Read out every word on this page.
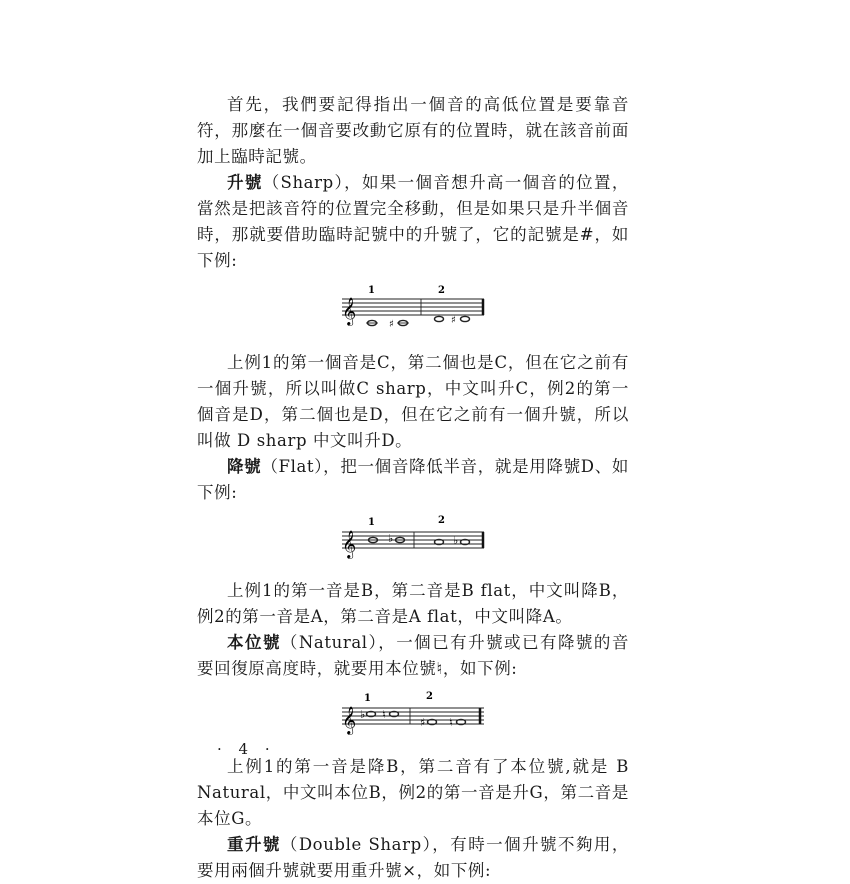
首先，我們要記得指出一個音的高低位置是要靠音符，那麼在一個音要改動它原有的位置時，就在該音前面加上臨時記號。

升號（Sharp），如果一個音想升高一個音的位置，當然是把該音符的位置完全移動，但是如果只是升半個音時，那就要借助臨時記號中的升號了，它的記號是#，如下例:

1	2
𝄞	♯	♯

上例1的第一個音是C，第二個也是C，但在它之前有一個升號，所以叫做C sharp，中文叫升C，例2的第一個音是D，第二個也是D，但在它之前有一個升號，所以叫做 D sharp 中文叫升D。

降號（Flat），把一個音降低半音，就是用降號D、如下例:

1	2
𝄞	♭	♭

上例1的第一音是B，第二音是B flat，中文叫降B，例2的第一音是A，第二音是A flat，中文叫降A。

本位號（Natural），一個已有升號或已有降號的音要回復原高度時，就要用本位號♮，如下例:

1	2
𝄞 ♭ ♮
♯ ♮

上例1的第一音是降B，第二音有了本位號,就是 B Natural，中文叫本位B，例2的第一音是升G，第二音是本位G。

重升號（Double Sharp），有時一個升號不夠用，要用兩個升號就要用重升號×，如下例:

· 4 ·
